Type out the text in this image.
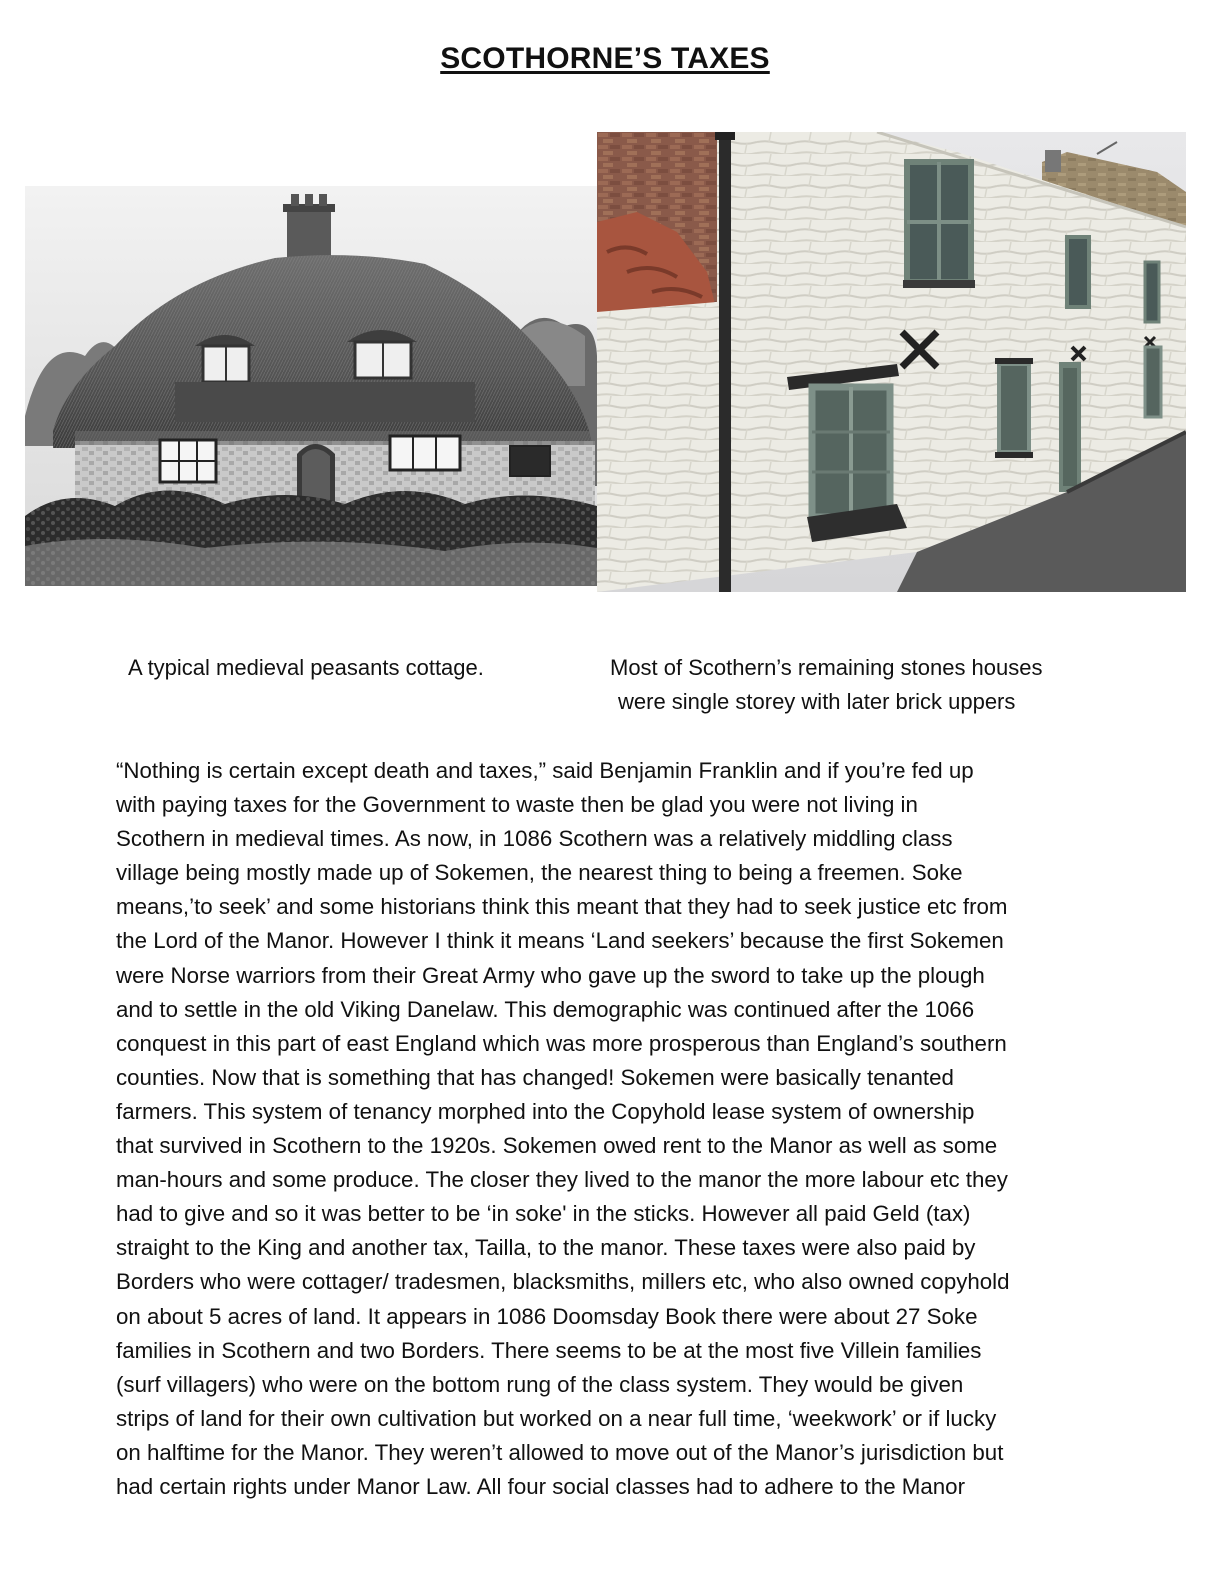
SCOTHORNE’S TAXES

A typical medieval peasants cottage.	Most of Scothern’s remaining stones houses
were single storey with later brick uppers

“Nothing is certain except death and taxes,” said Benjamin Franklin and if you’re fed up
with paying taxes for the Government to waste then be glad you were not living in
Scothern in medieval times. As now, in 1086 Scothern was a relatively middling class
village being mostly made up of Sokemen, the nearest thing to being a freemen. Soke
means,’to seek’ and some historians think this meant that they had to seek justice etc from
the Lord of the Manor. However I think it means ‘Land seekers’ because the first Sokemen
were Norse warriors from their Great Army who gave up the sword to take up the plough
and to settle in the old Viking Danelaw. This demographic was continued after the 1066
conquest in this part of east England which was more prosperous than England’s southern
counties. Now that is something that has changed! Sokemen were basically tenanted
farmers. This system of tenancy morphed into the Copyhold lease system of ownership
that survived in Scothern to the 1920s. Sokemen owed rent to the Manor as well as some
man-hours and some produce. The closer they lived to the manor the more labour etc they
had to give and so it was better to be ‘in soke' in the sticks. However all paid Geld (tax)
straight to the King and another tax, Tailla, to the manor. These taxes were also paid by
Borders who were cottager/ tradesmen, blacksmiths, millers etc, who also owned copyhold
on about 5 acres of land. It appears in 1086 Doomsday Book there were about 27 Soke
families in Scothern and two Borders. There seems to be at the most five Villein families
(surf villagers) who were on the bottom rung of the class system. They would be given
strips of land for their own cultivation but worked on a near full time, ‘weekwork’ or if lucky
on halftime for the Manor. They weren’t allowed to move out of the Manor’s jurisdiction but
had certain rights under Manor Law. All four social classes had to adhere to the Manor
